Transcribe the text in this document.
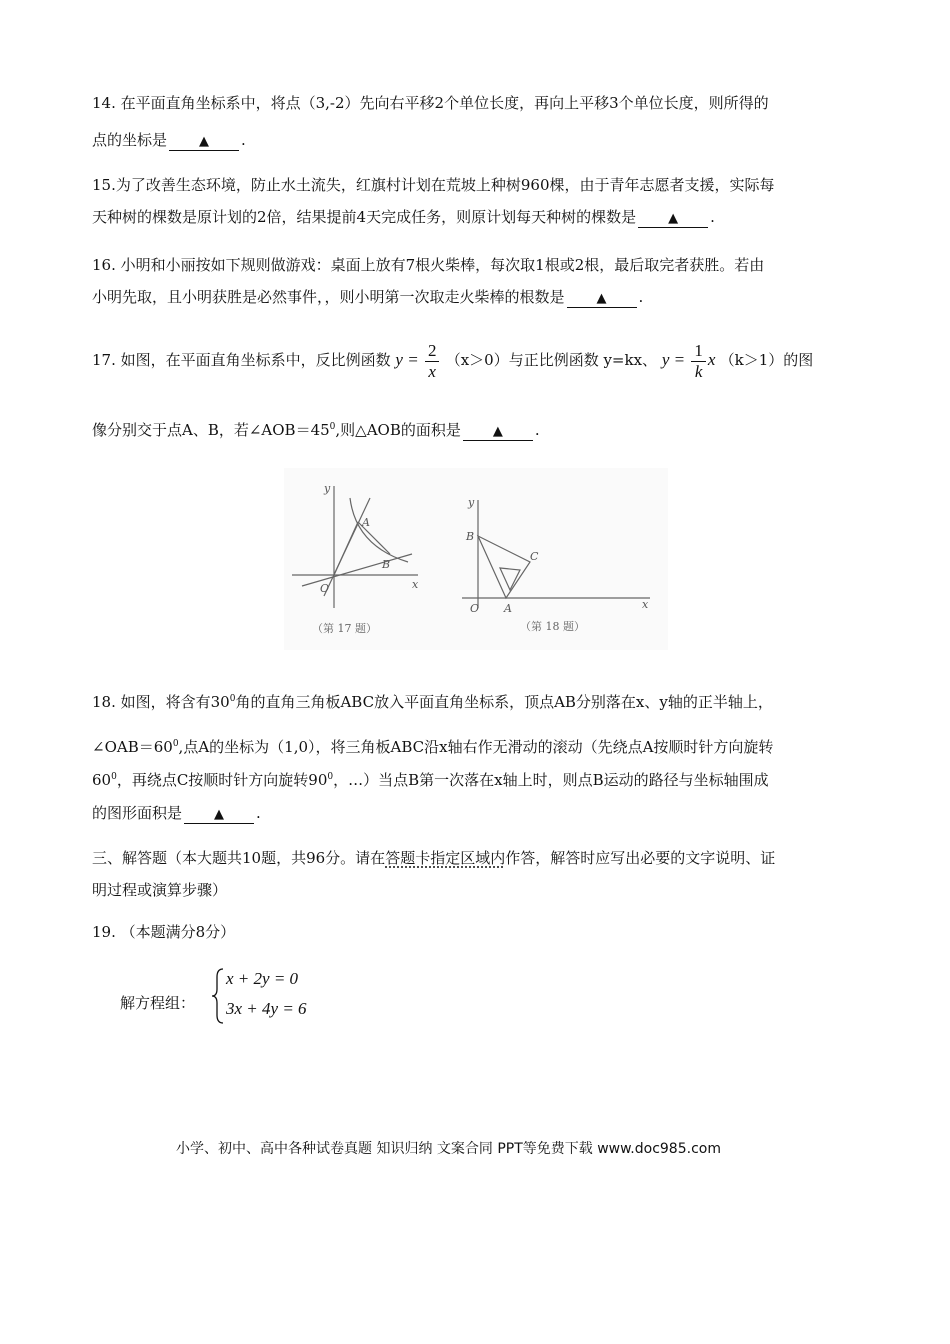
14. 在平面直角坐标系中，将点（3,-2）先向右平移2个单位长度，再向上平移3个单位长度，则所得的
点的坐标是 ▲ .
15.为了改善生态环境，防止水土流失，红旗村计划在荒坡上种树960棵，由于青年志愿者支援，实际每
天种树的棵数是原计划的2倍，结果提前4天完成任务，则原计划每天种树的棵数是 ▲ .
16. 小明和小丽按如下规则做游戏：桌面上放有7根火柴棒，每次取1根或2根，最后取完者获胜。若由
小明先取，且小明获胜是必然事件，，则小明第一次取走火柴棒的根数是 ▲ .
17. 如图，在平面直角坐标系中，反比例函数 $y = \frac{2}{x} (x>0)$与正比例函数 y=kx、 $y = \frac{1}{k}$ x （k＞1）的图
像分别交于点A、B，若$\angle AOB=45^0$,则△AOB的面积是 ▲ .
y
x
O
A
B
（第 17 题）
y
x
O A
B
C
（第 18 题）
18. 如图，将含有$30^0$角的直角三角板ABC放入平面直角坐标系，顶点AB分别落在x、y轴的正半轴上，
$\angle OAB=60^0$,点A的坐标为（1,0），将三角板ABC沿x轴右作无滑动的滚动（先绕点A按顺时针方向旋转
$60^0$，再绕点C按顺时针方向旋转$90^0$，…）当点B第一次落在x轴上时，则点B运动的路径与坐标轴围成
的图形面积是 ▲ .
三、解答题（本大题共10题，共96分。请在答题卡指定区域内作答，解答时应写出必要的文字说明、证
明过程或演算步骤）
19. （本题满分8分）
解方程组：
x + 2y = 0
3x + 4y = 6
小学、初中、高中各种试卷真题 知识归纳 文案合同 PPT等免费下载 www.doc985.com
